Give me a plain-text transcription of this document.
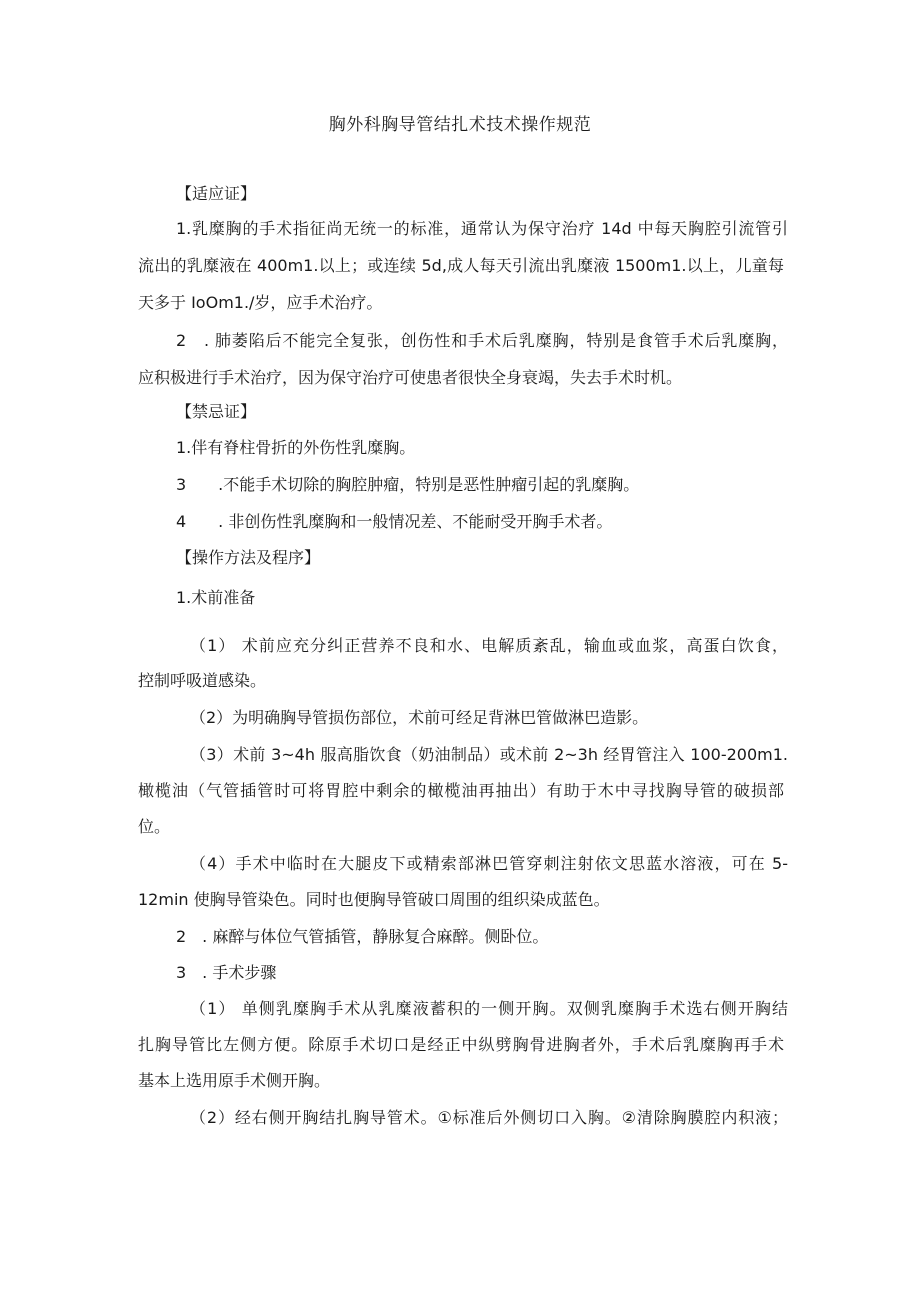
胸外科胸导管结扎术技术操作规范

【适应证】

1.乳糜胸的手术指征尚无统一的标准，通常认为保守治疗 14d 中每天胸腔引流管引

流出的乳糜液在 400m1.以上；或连续 5d,成人每天引流出乳糜液 1500m1.以上，儿童每

天多于 IoOm1./岁，应手术治疗。

2　. 肺萎陷后不能完全复张，创伤性和手术后乳糜胸，特别是食管手术后乳糜胸，

应积极进行手术治疗，因为保守治疗可使患者很快全身衰竭，失去手术时机。

【禁忌证】

1.伴有脊柱骨折的外伤性乳糜胸。

3　　.不能手术切除的胸腔肿瘤，特别是恶性肿瘤引起的乳糜胸。

4　　. 非创伤性乳糜胸和一般情况差、不能耐受开胸手术者。

【操作方法及程序】

1.术前准备

（1） 术前应充分纠正营养不良和水、电解质紊乱，输血或血浆，高蛋白饮食，

控制呼吸道感染。

（2）为明确胸导管损伤部位，术前可经足背淋巴管做淋巴造影。

（3）术前 3~4h 服高脂饮食（奶油制品）或术前 2~3h 经胃管注入 100-200m1.

橄榄油（气管插管时可将胃腔中剩余的橄榄油再抽出）有助于木中寻找胸导管的破损部

位。

（4）手术中临时在大腿皮下或精索部淋巴管穿刺注射依文思蓝水溶液，可在 5-

12min 使胸导管染色。同时也便胸导管破口周围的组织染成蓝色。

2　. 麻醉与体位气管插管，静脉复合麻醉。侧卧位。

3　. 手术步骤

（1） 单侧乳糜胸手术从乳糜液蓄积的一侧开胸。双侧乳糜胸手术选右侧开胸结

扎胸导管比左侧方便。除原手术切口是经正中纵劈胸骨进胸者外，手术后乳糜胸再手术

基本上选用原手术侧开胸。

（2）经右侧开胸结扎胸导管术。①标准后外侧切口入胸。②清除胸膜腔内积液；
